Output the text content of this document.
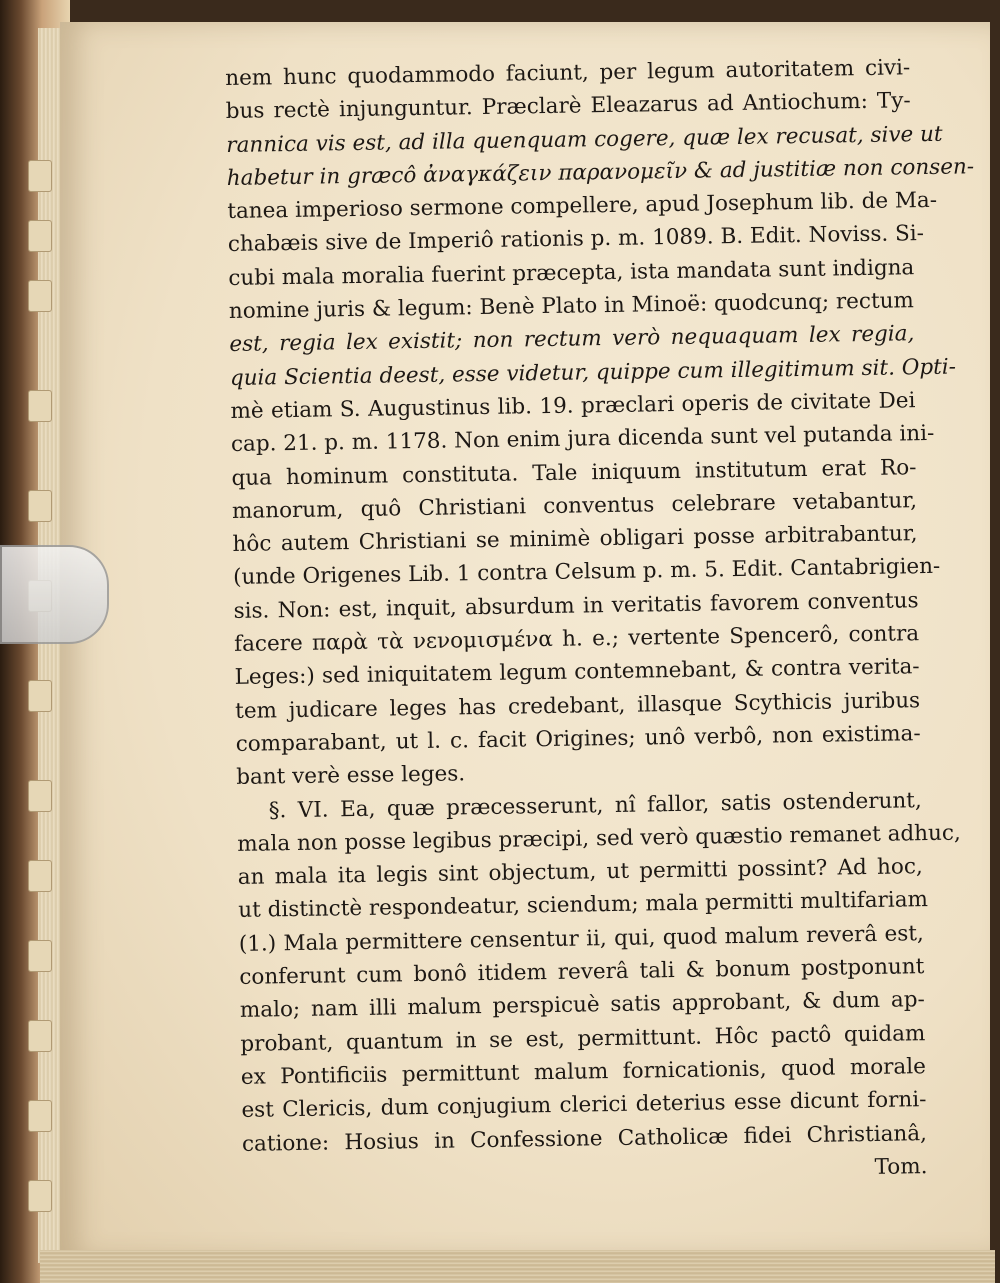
nem hunc quodammodo faciunt, per legum autoritatem civi-
bus rectè injunguntur. Præclarè Eleazarus ad Antiochum: Ty-
rannica vis est, ad illa quenquam cogere, quæ lex recusat, sive ut
habetur in græcô ἀναγκάζειν παρανομεῖν & ad justitiæ non consen-
tanea imperioso sermone compellere, apud Josephum lib. de Ma-
chabæis sive de Imperiô rationis p. m. 1089. B. Edit. Noviss. Si-
cubi mala moralia fuerint præcepta, ista mandata sunt indigna
nomine juris & legum: Benè Plato in Minoë: quodcunq; rectum
est, regia lex existit; non rectum verò nequaquam lex regia,
quia Scientia deest, esse videtur, quippe cum illegitimum sit. Opti-
mè etiam S. Augustinus lib. 19. præclari operis de civitate Dei
cap. 21. p. m. 1178. Non enim jura dicenda sunt vel putanda ini-
qua hominum constituta. Tale iniquum institutum erat Ro-
manorum, quô Christiani conventus celebrare vetabantur,
hôc autem Christiani se minimè obligari posse arbitrabantur,
(unde Origenes Lib. 1 contra Celsum p. m. 5. Edit. Cantabrigien-
sis. Non: est, inquit, absurdum in veritatis favorem conventus
facere παρὰ τὰ νενομισμένα h. e.; vertente Spencerô, contra
Leges:) sed iniquitatem legum contemnebant, & contra verita-
tem judicare leges has credebant, illasque Scythicis juribus
comparabant, ut l. c. facit Origines; unô verbô, non existima-
bant verè esse leges.
§. VI. Ea, quæ præcesserunt, nî fallor, satis ostenderunt,
mala non posse legibus præcipi, sed verò quæstio remanet adhuc,
an mala ita legis sint objectum, ut permitti possint? Ad hoc,
ut distinctè respondeatur, sciendum; mala permitti multifariam
(1.) Mala permittere censentur ii, qui, quod malum reverâ est,
conferunt cum bonô itidem reverâ tali & bonum postponunt
malo; nam illi malum perspicuè satis approbant, & dum ap-
probant, quantum in se est, permittunt. Hôc pactô quidam
ex Pontificiis permittunt malum fornicationis, quod morale
est Clericis, dum conjugium clerici deterius esse dicunt forni-
catione: Hosius in Confessione Catholicæ fidei Christianâ,
Tom.
